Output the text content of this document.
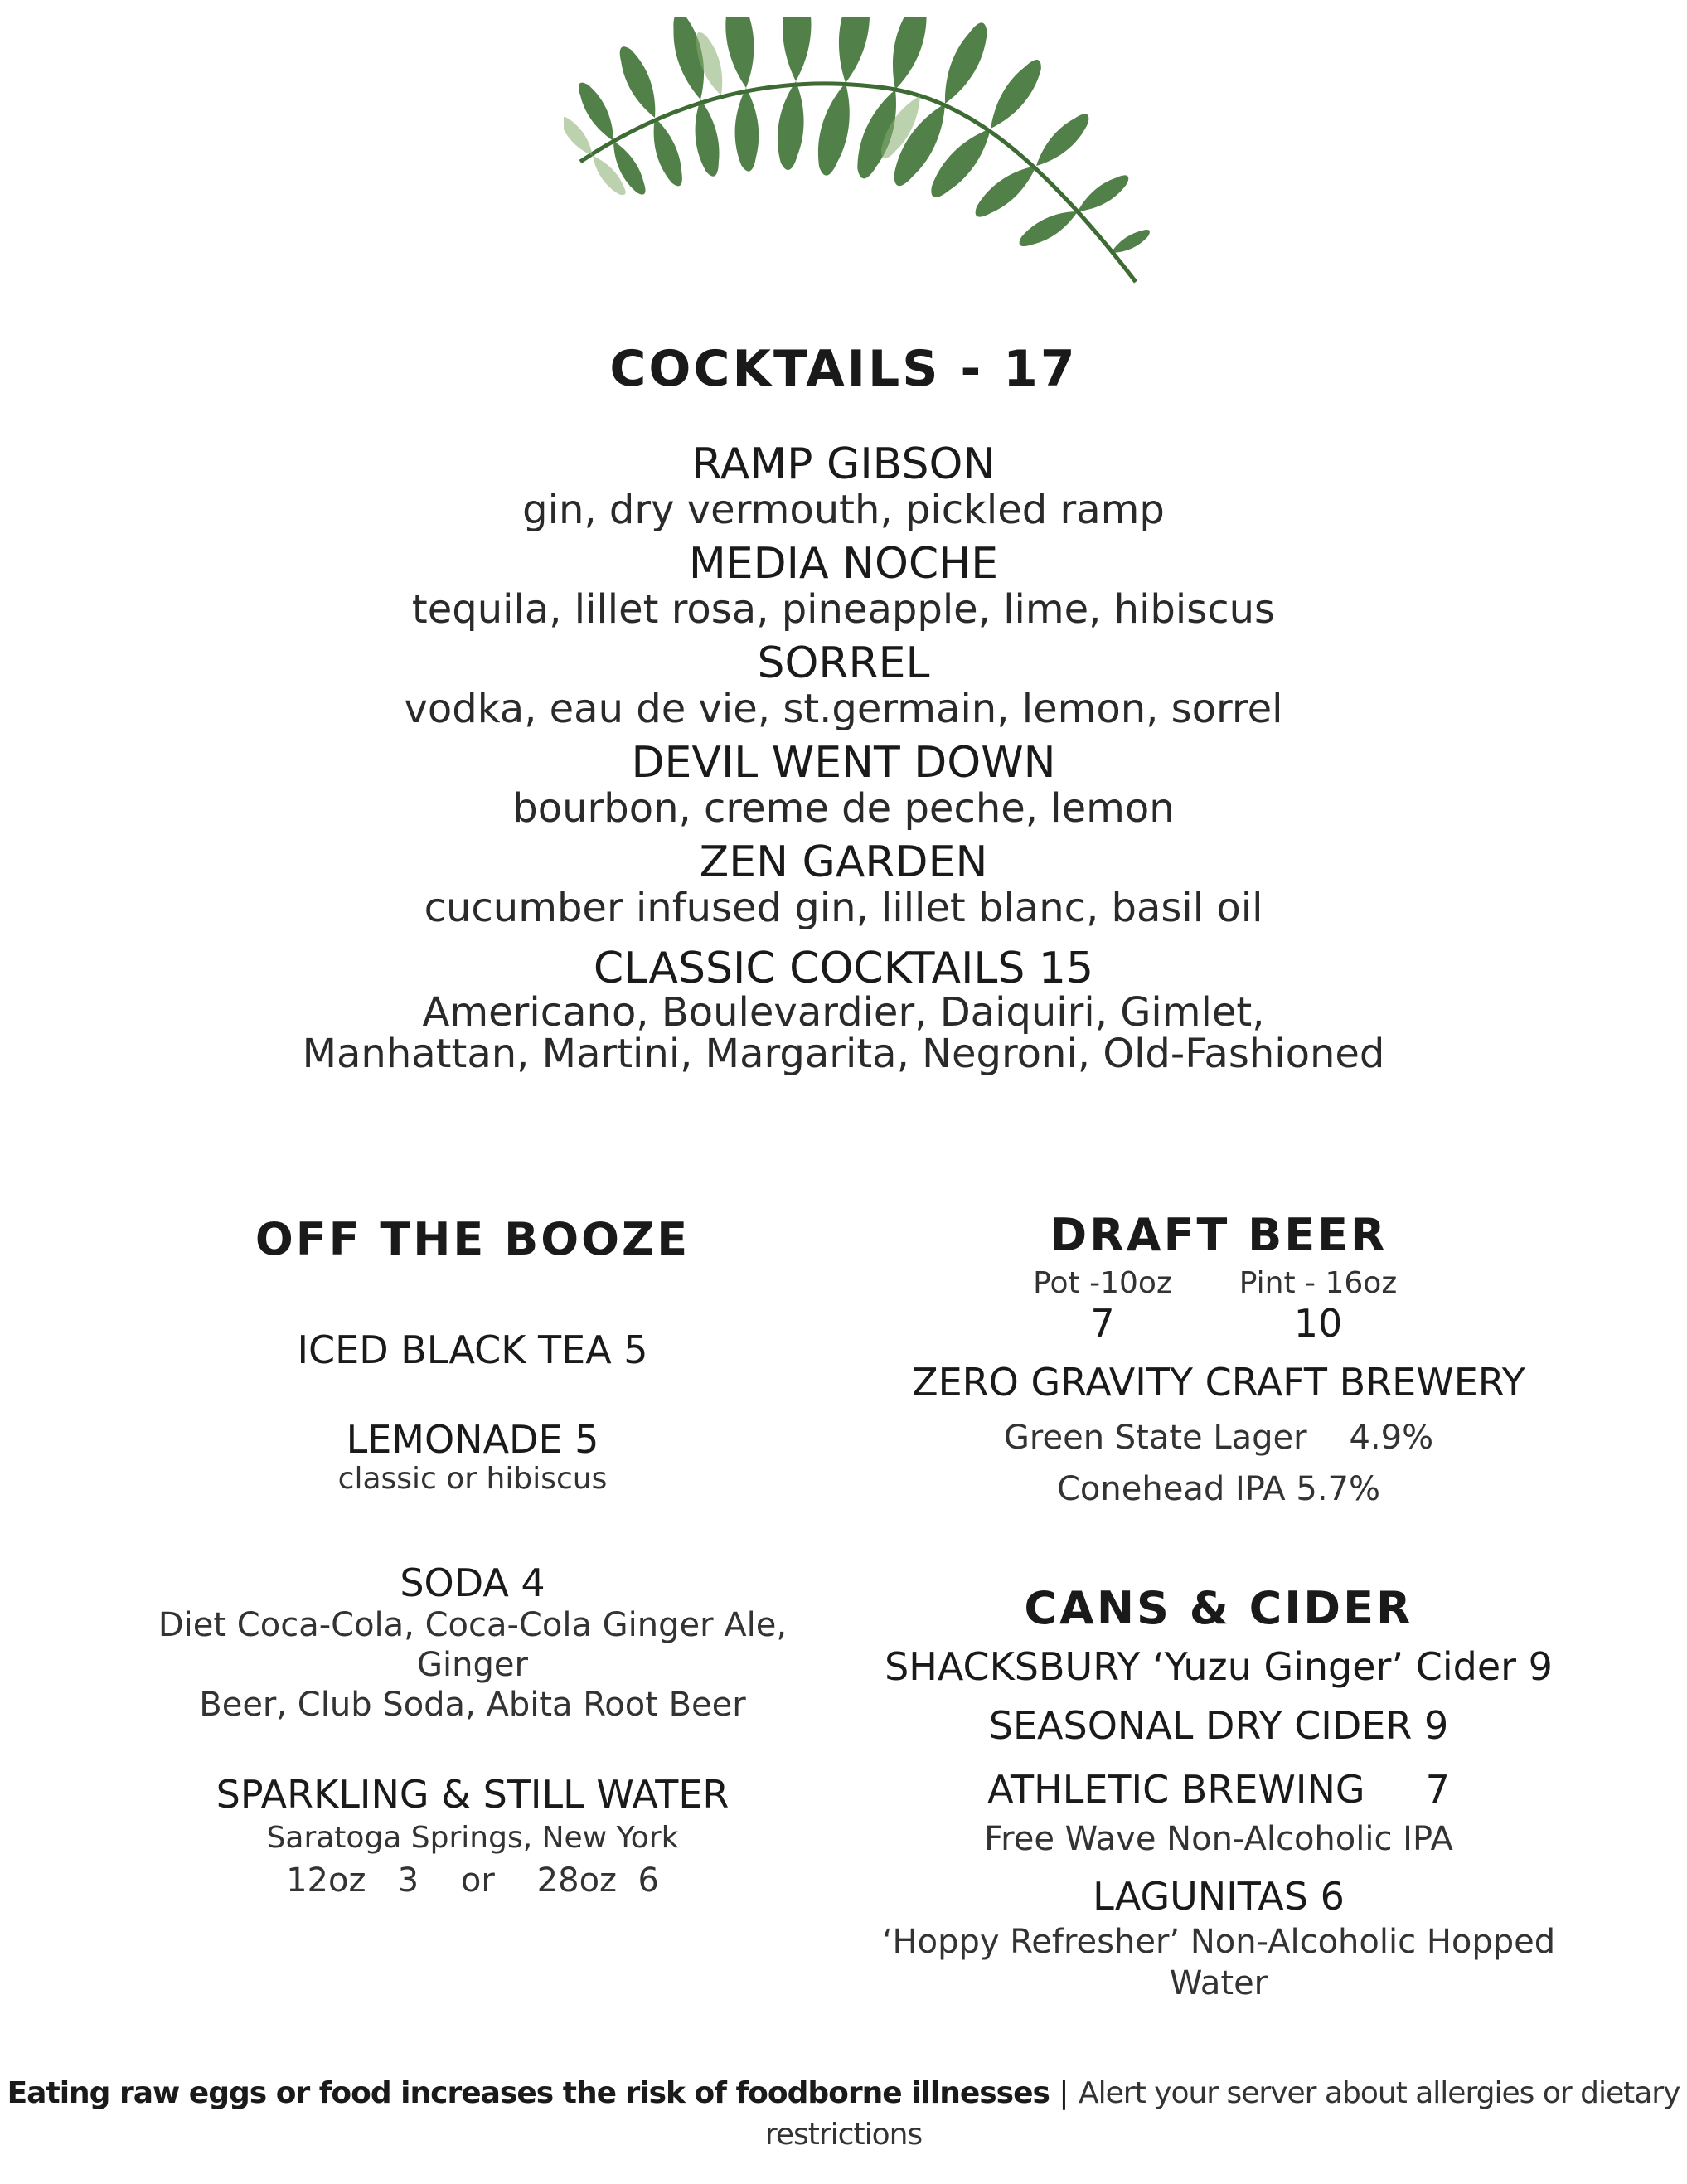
COCKTAILS - 17
RAMP GIBSON
gin, dry vermouth, pickled ramp
MEDIA NOCHE
tequila, lillet rosa, pineapple, lime, hibiscus
SORREL
vodka, eau de vie, st.germain, lemon, sorrel
DEVIL WENT DOWN
bourbon, creme de peche, lemon
ZEN GARDEN
cucumber infused gin, lillet blanc, basil oil
CLASSIC COCKTAILS 15
Americano, Boulevardier, Daiquiri, Gimlet,
Manhattan, Martini, Margarita, Negroni, Old-Fashioned
OFF THE BOOZE
ICED BLACK TEA 5
LEMONADE 5
classic or hibiscus
SODA 4
Diet Coca-Cola, Coca-Cola Ginger Ale, Ginger
Beer, Club Soda, Abita Root Beer
SPARKLING & STILL WATER
Saratoga Springs, New York
12oz   3    or    28oz  6
DRAFT BEER
Pot -10oz	Pint - 16oz
7	10
ZERO GRAVITY CRAFT BREWERY
Green State Lager    4.9%
Conehead IPA 5.7%
CANS & CIDER
SHACKSBURY ‘Yuzu Ginger’ Cider 9
SEASONAL DRY CIDER 9
ATHLETIC BREWING     7
Free Wave Non-Alcoholic IPA
LAGUNITAS 6
‘Hoppy Refresher’ Non-Alcoholic Hopped Water
Eating raw eggs or food increases the risk of foodborne illnesses | Alert your server about allergies or dietary restrictions
